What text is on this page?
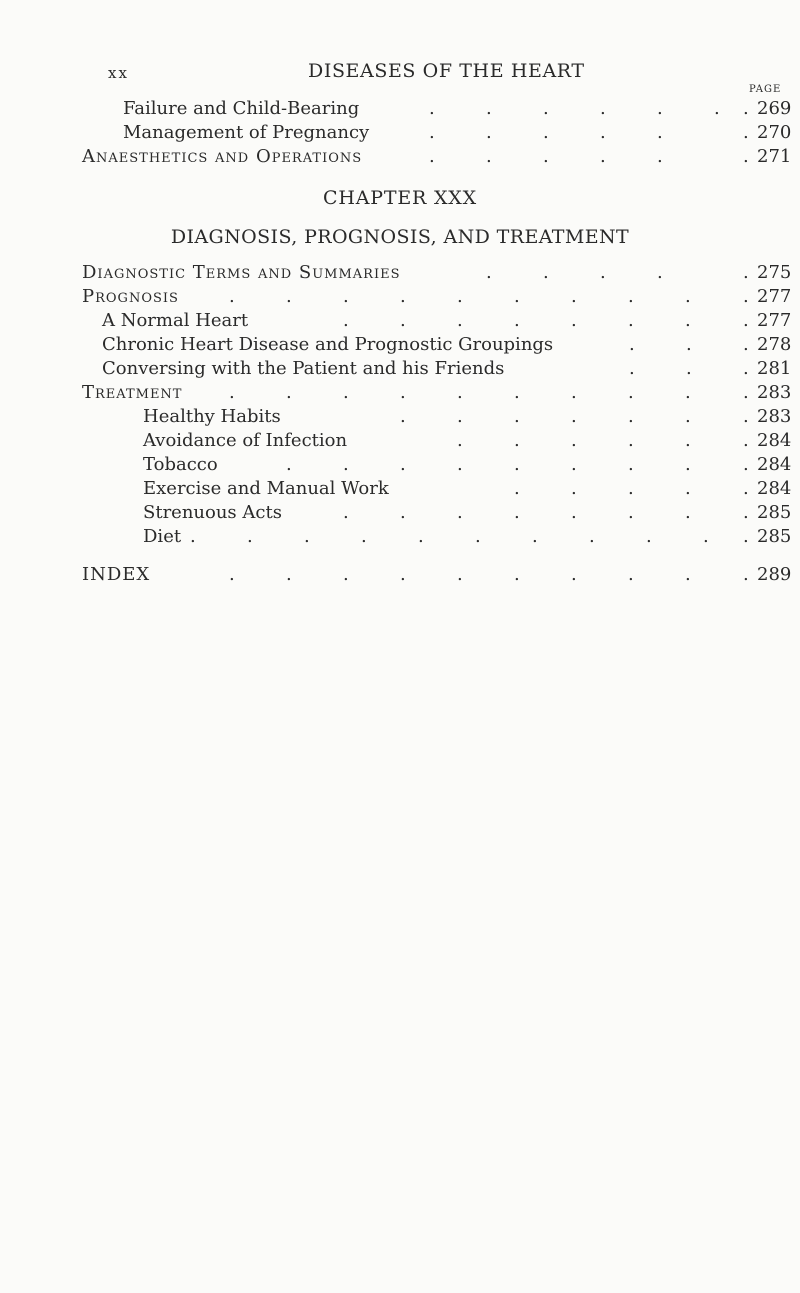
xx	DISEASES OF THE HEART
PAGE
Failure and Child-Bearing	.	.	.	.	.	. . 269
Management of Pregnancy	.	.	.	.	.	. 270
Anaesthetics and Operations	.	.	.	.	.	. 271
CHAPTER XXX
DIAGNOSIS, PROGNOSIS, AND TREATMENT
Diagnostic Terms and Summaries	.	.	.	.	. 275
Prognosis	.	.	.	.	.	.	.	.	.	. 277
A Normal Heart	.	.	.	.	.	.	.	. 277
Chronic Heart Disease and Prognostic Groupings	.	.	. 278
Conversing with the Patient and his Friends	.	.	. 281
Treatment	.	.	.	.	.	.	.	.	.	. 283
Healthy Habits	.	.	.	.	.	.	. 283
Avoidance of Infection	.	.	.	.	.	. 284
Tobacco	.	.	.	.	.	.	.	.	. 284
Exercise and Manual Work	.	.	.	.	. 284
Strenuous Acts	.	.	.	.	.	.	.	. 285
Diet .	.	.	.	.	.	.	.	.	. . 285
INDEX	.	.	.	.	.	.	.	.	.	. 289
